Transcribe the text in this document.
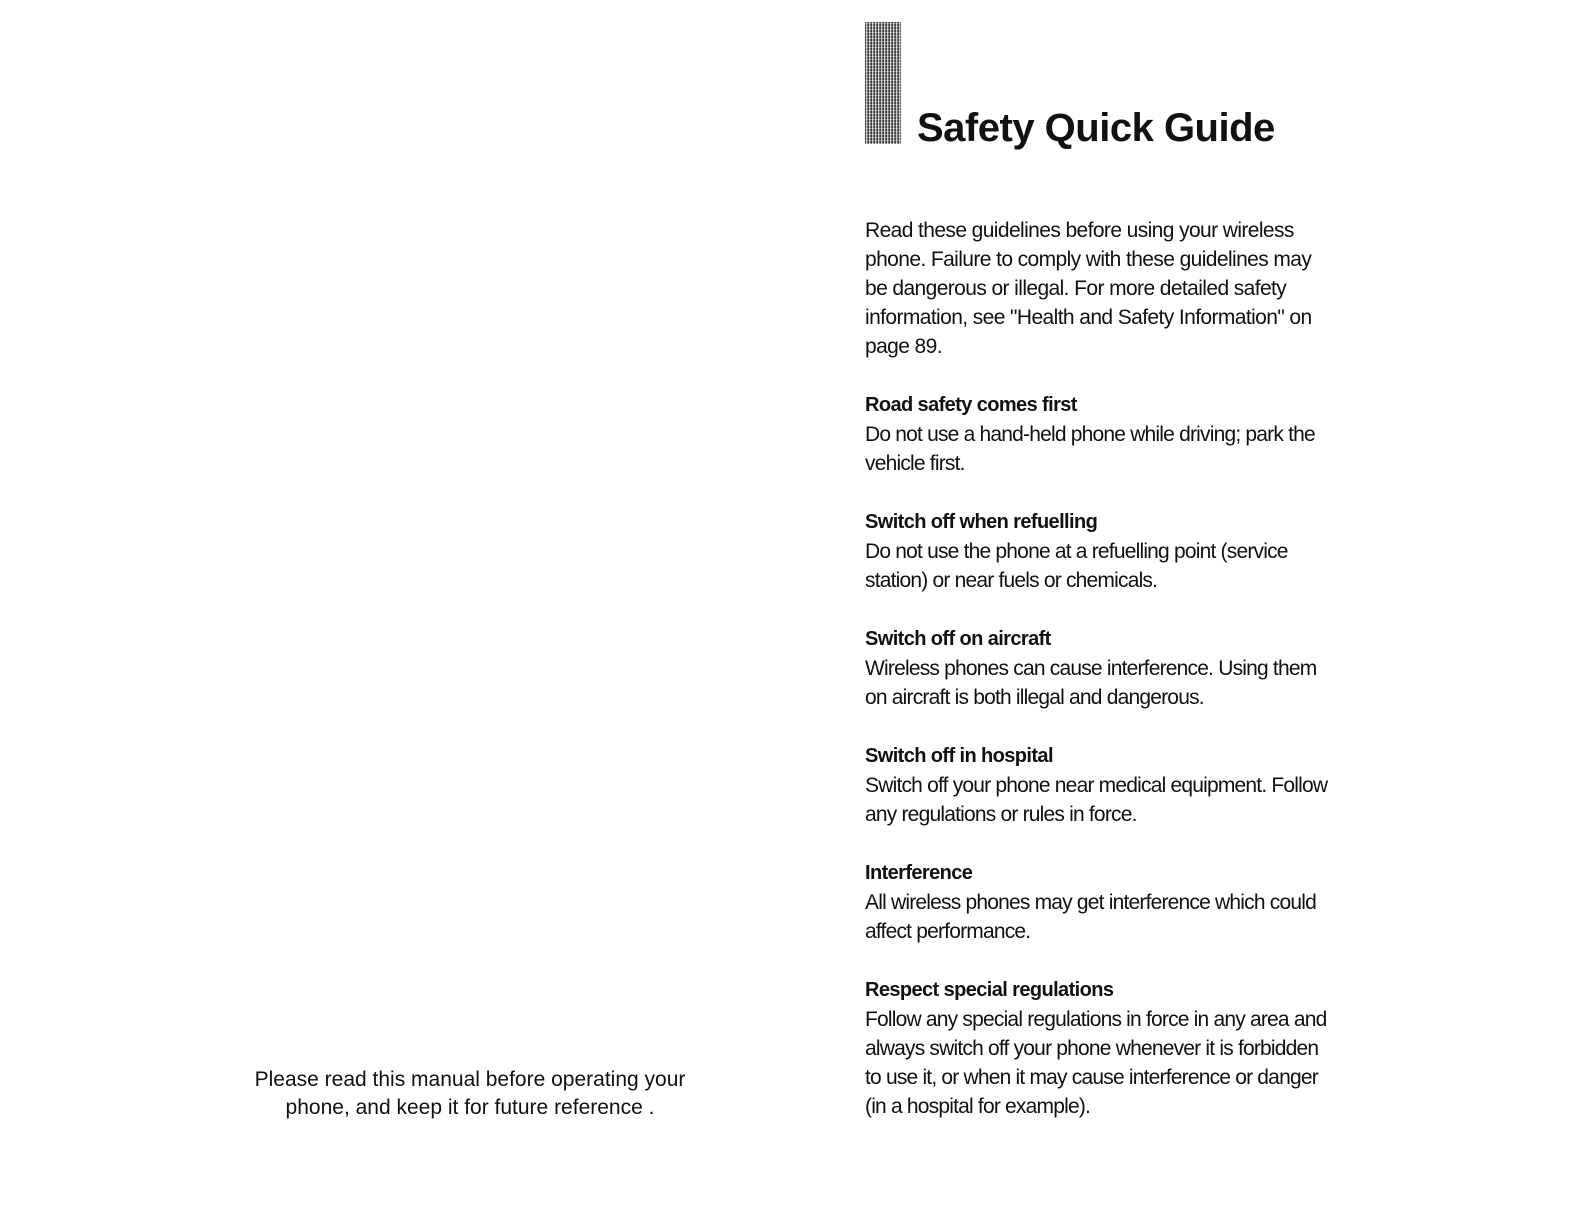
Please read this manual before operating your
phone, and keep it for future reference .
Safety Quick Guide

Read these guidelines before using your wireless phone. Failure to comply with these guidelines may be dangerous or illegal. For more detailed safety information, see "Health and Safety Information" on page 89.

Road safety comes first

Do not use a hand-held phone while driving; park the vehicle first.

Switch off when refuelling

Do not use the phone at a refuelling point (service station) or near fuels or chemicals.

Switch off on aircraft

Wireless phones can cause interference. Using them on aircraft is both illegal and dangerous.

Switch off in hospital

Switch off your phone near medical equipment. Follow any regulations or rules in force.

Interference

All wireless phones may get interference which could affect performance.

Respect special regulations

Follow any special regulations in force in any area and always switch off your phone whenever it is forbidden to use it, or when it may cause interference or danger (in a hospital for example).
